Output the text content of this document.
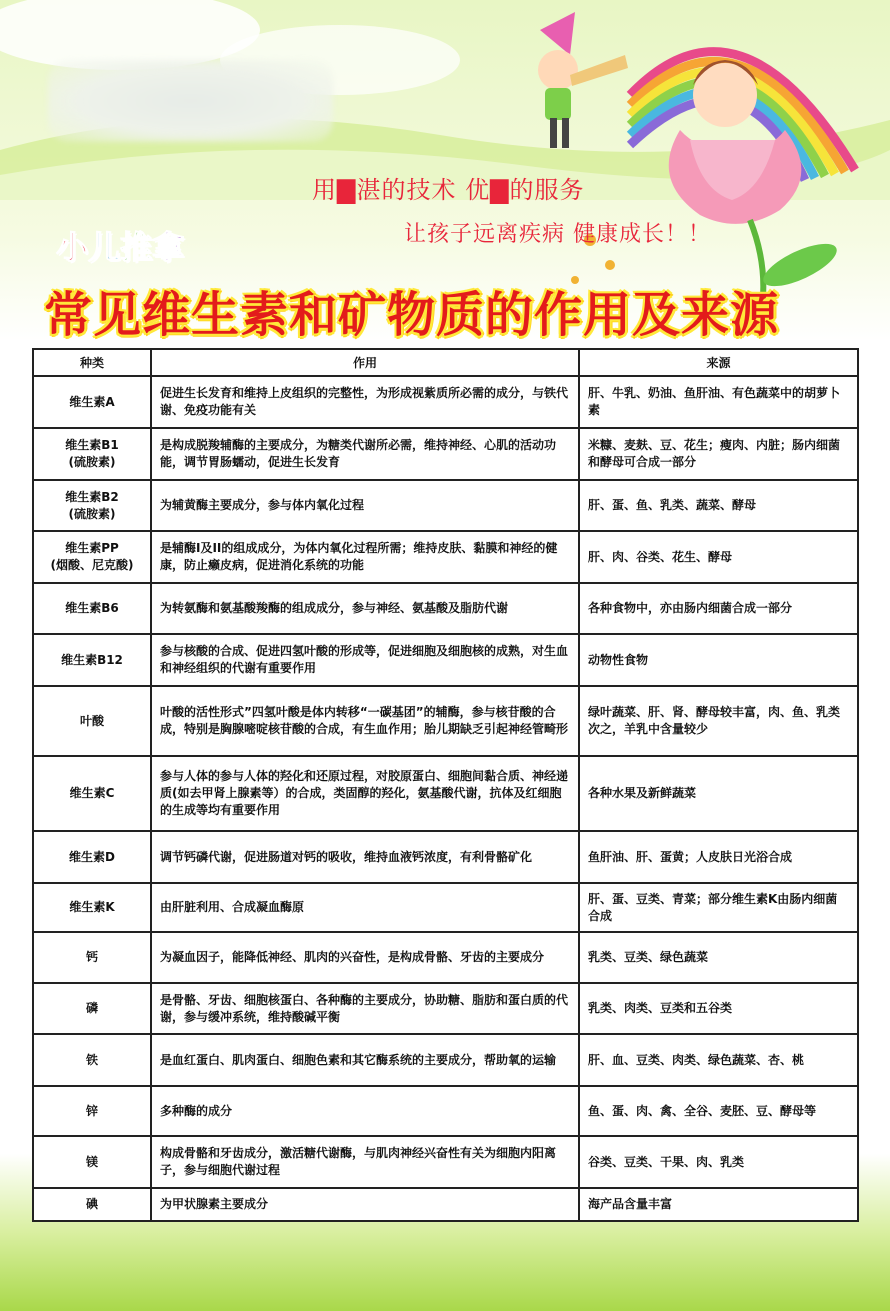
用▇湛的技术 优▇的服务
让孩子远离疾病 健康成长！！
小儿推拿
常见维生素和矿物质的作用及来源
种类	作用	来源

维生素A	促进生长发育和维持上皮组织的完整性，为形成视紫质所必需的成分，与铁代谢、免疫功能有关	肝、牛乳、奶油、鱼肝油、有色蔬菜中的胡萝卜素

维生素B1
(硫胺素)	是构成脱羧辅酶的主要成分，为糖类代谢所必需，维持神经、心肌的活动功能，调节胃肠蠕动，促进生长发育	米糠、麦麸、豆、花生；瘦肉、内脏；肠内细菌和酵母可合成一部分

维生素B2
(硫胺素)	为辅黄酶主要成分，参与体内氧化过程	肝、蛋、鱼、乳类、蔬菜、酵母

维生素PP
(烟酸、尼克酸)	是辅酶I及II的组成成分，为体内氧化过程所需；维持皮肤、黏膜和神经的健康，防止癞皮病，促进消化系统的功能	肝、肉、谷类、花生、酵母

维生素B6	为转氨酶和氨基酸羧酶的组成成分，参与神经、氨基酸及脂肪代谢	各种食物中，亦由肠内细菌合成一部分

维生素B12	参与核酸的合成、促进四氢叶酸的形成等，促进细胞及细胞核的成熟，对生血和神经组织的代谢有重要作用	动物性食物

叶酸	叶酸的活性形式”四氢叶酸是体内转移“一碳基团”的辅酶，参与核苷酸的合成，特别是胸腺嘧啶核苷酸的合成，有生血作用；胎儿期缺乏引起神经管畸形	绿叶蔬菜、肝、肾、酵母较丰富，肉、鱼、乳类次之，羊乳中含量较少

维生素C	参与人体的参与人体的羟化和还原过程，对胶原蛋白、细胞间黏合质、神经递质(如去甲肾上腺素等）的合成，类固醇的羟化，氨基酸代谢，抗体及红细胞的生成等均有重要作用	各种水果及新鲜蔬菜

维生素D	调节钙磷代谢，促进肠道对钙的吸收，维持血液钙浓度，有利骨骼矿化	鱼肝油、肝、蛋黄；人皮肤日光浴合成

维生素K	由肝脏利用、合成凝血酶原	肝、蛋、豆类、青菜；部分维生素K由肠内细菌合成

钙	为凝血因子，能降低神经、肌肉的兴奋性，是构成骨骼、牙齿的主要成分	乳类、豆类、绿色蔬菜

磷	是骨骼、牙齿、细胞核蛋白、各种酶的主要成分，协助糖、脂肪和蛋白质的代谢，参与缓冲系统，维持酸碱平衡	乳类、肉类、豆类和五谷类

铁	是血红蛋白、肌肉蛋白、细胞色素和其它酶系统的主要成分，帮助氧的运输	肝、血、豆类、肉类、绿色蔬菜、杏、桃

锌	多种酶的成分	鱼、蛋、肉、禽、全谷、麦胚、豆、酵母等

镁	构成骨骼和牙齿成分，激活糖代谢酶，与肌肉神经兴奋性有关为细胞内阳离子，参与细胞代谢过程	谷类、豆类、干果、肉、乳类

碘	为甲状腺素主要成分	海产品含量丰富
